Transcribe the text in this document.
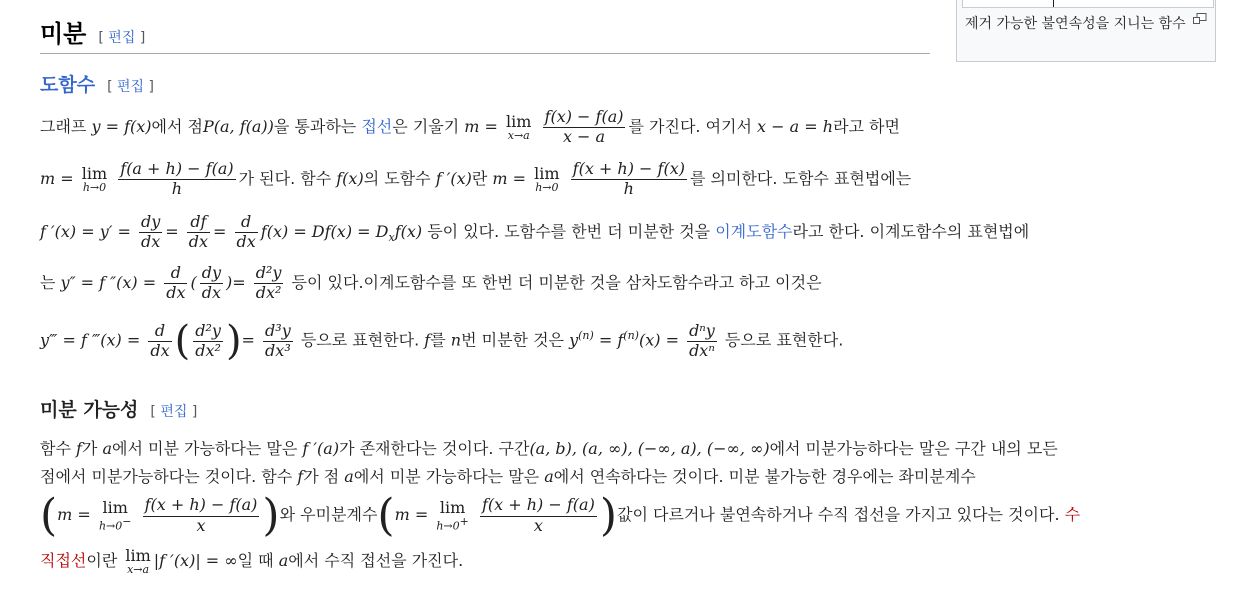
제거 가능한 불연속성을 지니는 함수
미분 [ 편집 ]
도함수 [ 편집 ]
그래프 y = f(x)에서 점P(a, f(a))을 통과하는 접선은 기울기 m = lim
x→a
$\frac{f(x) - f(a)}{x - a}$ 를 가진다. 여기서 x − a = h라고 하면
m = lim
h→0
$\frac{f(a + h) - f(a)}{h}$ 가 된다. 함수 f(x)의 도함수 f ′(x)란 m = lim
h→0
$\frac{f(x + h) - f(x)}{h}$ 를 의미한다. 도함수 표현법에는
f $'(x) = y' = \frac{dy}{dx} = \frac{df}{dx} = \frac{d}{dx} f(x) = Df(x) = D_xf(x)$ 등이 있다. 도함수를 한번 더 미분한 것을 이계도함수라고 한다. 이계도함수의 표현법에
는 y″ = f $''(x) = \frac{d}{dx}$ ( $\frac{dy}{dx}$ )= $\frac{\text{d²y}}{\text{dx²}}$ 등이 있다.이계도함수를 또 한번 더 미분한 것을 삼차도함수라고 하고 이것은
y‴ = f ‴(x) = $\frac{d}{dx}$ ( $\frac{\text{d²y}}{\text{dx²}}$ )= $\frac{\text{d³y}}{\text{dx³}}$ 등으로 표현한다. f를 n번 미분한 것은 $y^{(n)} = f^{(n)}(x) = \frac{\text{dⁿy}}{\text{dxⁿ}}$ 등으로 표현한다.
미분 가능성 [ 편집 ]
함수 f가 a에서 미분 가능하다는 말은 f ′(a)가 존재한다는 것이다. 구간(a, b), (a, ∞), (−∞, a), (−∞, ∞)에서 미분가능하다는 말은 구간 내의 모든
점에서 미분가능하다는 것이다. 함수 f가 점 a에서 미분 가능하다는 말은 a에서 연속하다는 것이다. 미분 불가능한 경우에는 좌미분계수
(m = lim
h→0−
$\frac{f(x + h) - f(a)}{x}$ )와 우미분계수(m = lim
h→0+
$\frac{f(x + h) - f(a)}{x}$ )값이 다르거나 불연속하거나 수직 접선을 가지고 있다는 것이다. 수
직접선이란 lim
x→a |f ′(x)| = ∞일 때 a에서 수직 접선을 가진다.
